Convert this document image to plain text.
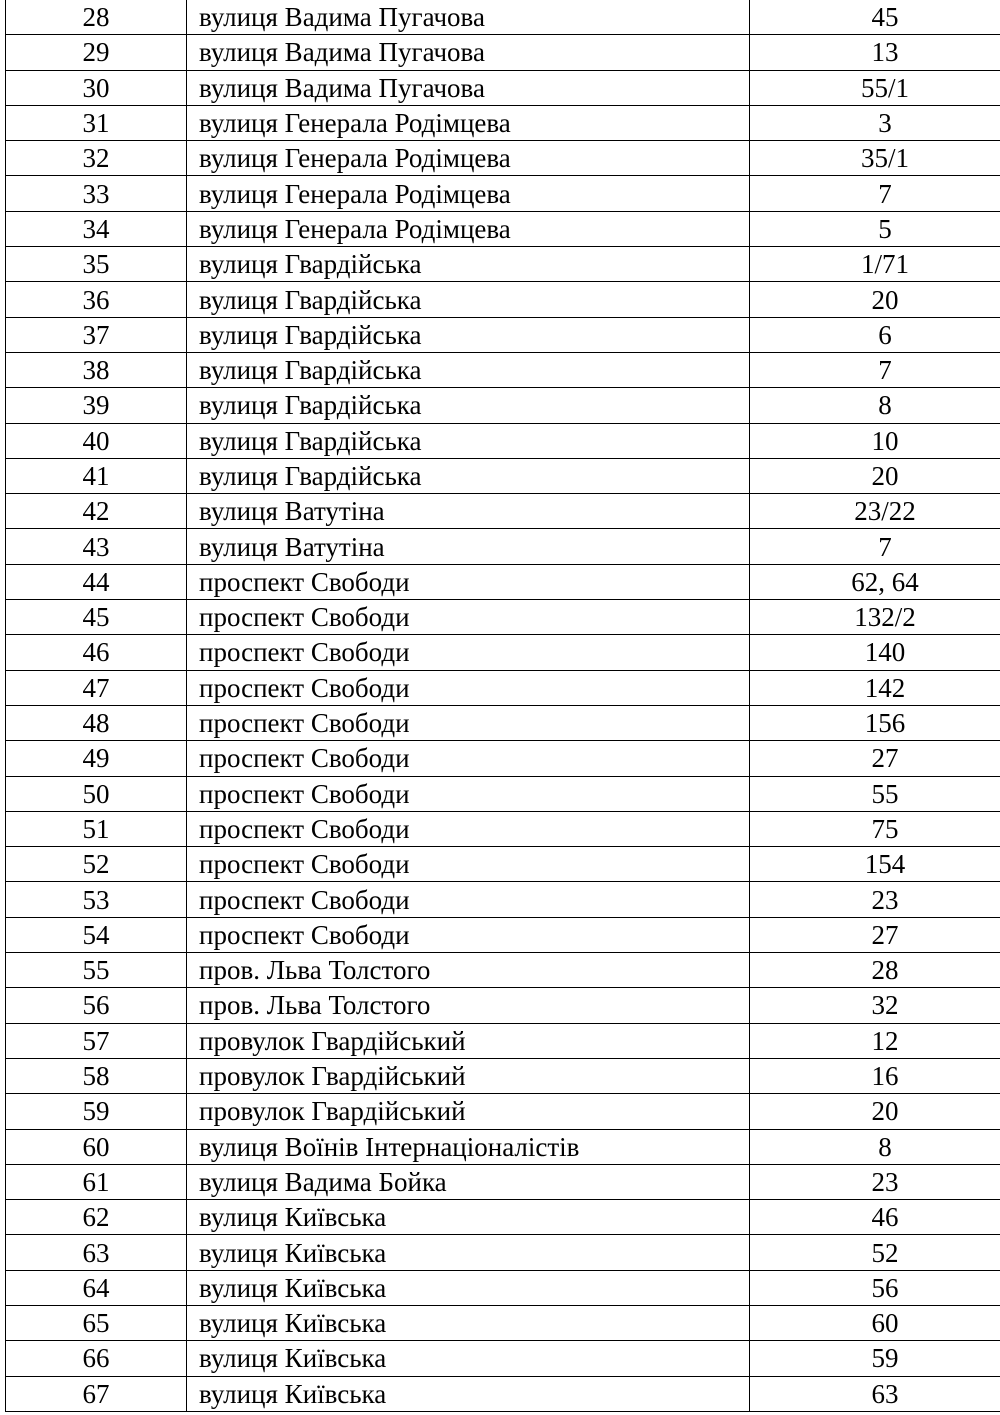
28	вулиця Вадима Пугачова	45
29	вулиця Вадима Пугачова	13
30	вулиця Вадима Пугачова	55/1
31	вулиця Генерала Родімцева	3
32	вулиця Генерала Родімцева	35/1
33	вулиця Генерала Родімцева	7
34	вулиця Генерала Родімцева	5
35	вулиця Гвардійська	1/71
36	вулиця Гвардійська	20
37	вулиця Гвардійська	6
38	вулиця Гвардійська	7
39	вулиця Гвардійська	8
40	вулиця Гвардійська	10
41	вулиця Гвардійська	20
42	вулиця Ватутіна	23/22
43	вулиця Ватутіна	7
44	проспект Свободи	62, 64
45	проспект Свободи	132/2
46	проспект Свободи	140
47	проспект Свободи	142
48	проспект Свободи	156
49	проспект Свободи	27
50	проспект Свободи	55
51	проспект Свободи	75
52	проспект Свободи	154
53	проспект Свободи	23
54	проспект Свободи	27
55	пров. Льва Толстого	28
56	пров. Льва Толстого	32
57	провулок Гвардійський	12
58	провулок Гвардійський	16
59	провулок Гвардійський	20
60	вулиця Воїнів Інтернаціоналістів	8
61	вулиця Вадима Бойка	23
62	вулиця Київська	46
63	вулиця Київська	52
64	вулиця Київська	56
65	вулиця Київська	60
66	вулиця Київська	59
67	вулиця Київська	63
